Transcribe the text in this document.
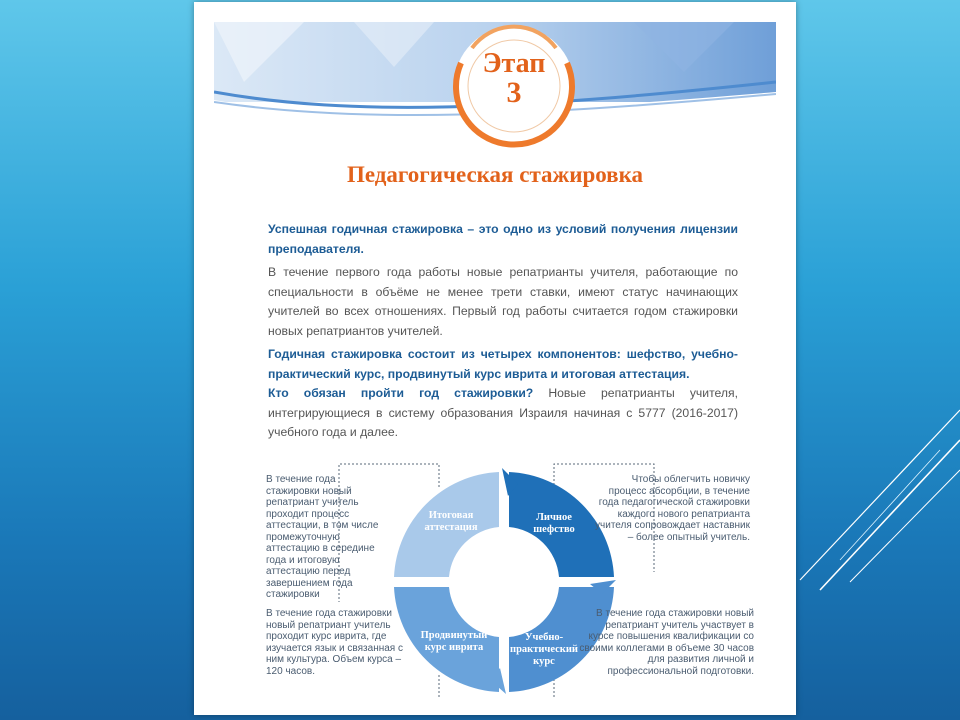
Этап
3
Педагогическая стажировка

Успешная годичная стажировка – это одно из условий получения лицензии преподавателя.

В течение первого года работы новые репатрианты учителя, работающие по специальности в объёме не менее трети ставки, имеют статус начинающих учителей во всех отношениях. Первый год работы считается годом стажировки новых репатриантов учителей.

Годичная стажировка состоит из четырех компонентов: шефство, учебно-практический курс, продвинутый курс иврита и итоговая аттестация.

Кто обязан пройти год стажировки? Новые репатрианты учителя, интегрирующиеся в систему образования Израиля начиная с 5777 (2016-2017) учебного года и далее.

Итоговая аттестация
Личное шефство
Продвинутый курс иврита
Учебно-практический курс
В течение года стажировки новый репатриант учитель проходит процесс аттестации, в том числе промежуточную аттестацию в середине года и итоговую аттестацию перед завершением года стажировки
Чтобы облегчить новичку процесс абсорбции, в течение года педагогической стажировки каждого нового репатрианта учителя сопровождает наставник – более опытный учитель.
В течение года стажировки новый репатриант учитель проходит курс иврита, где изучается язык и связанная с ним культура. Объем курса – 120 часов.
В течение года стажировки новый репатриант учитель участвует в курсе повышения квалификации со своими коллегами в объеме 30 часов для развития личной и профессиональной подготовки.
